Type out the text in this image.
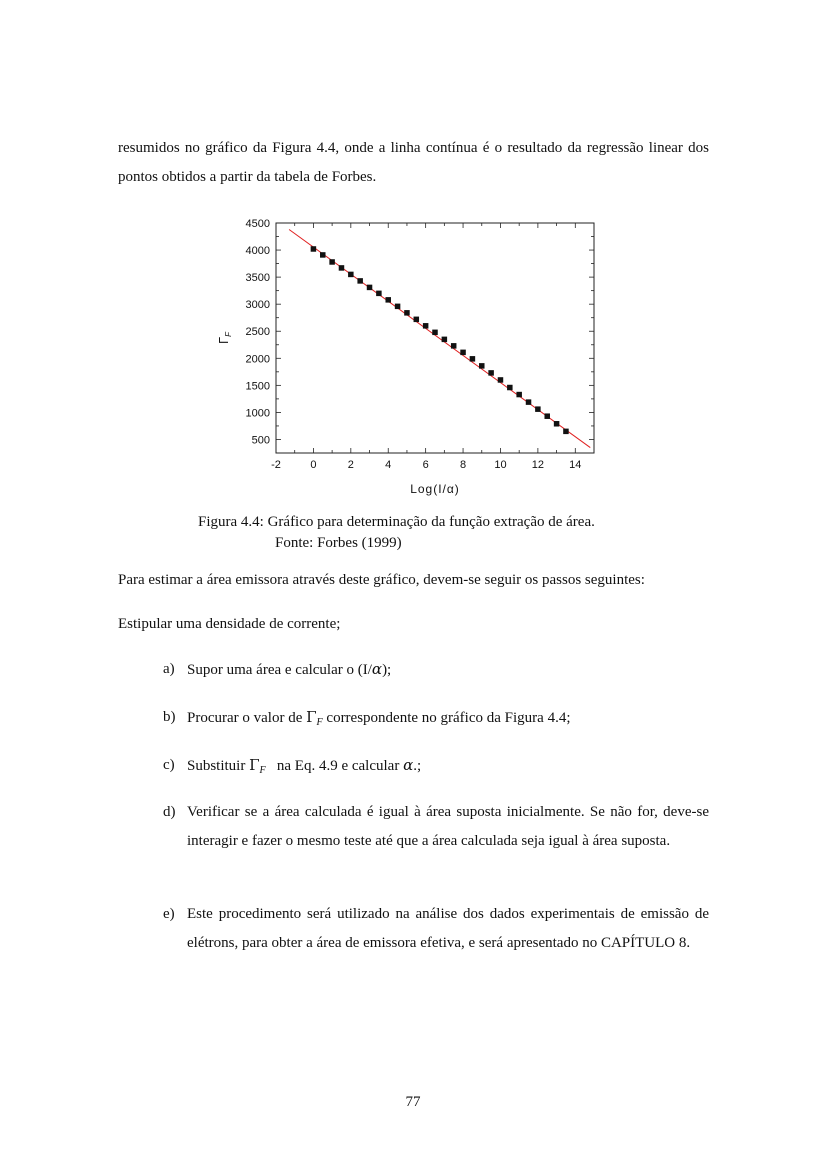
resumidos no gráfico da Figura 4.4, onde a linha contínua é o resultado da regressão linear dos pontos obtidos a partir da tabela de Forbes.

-2	0	2	4	6	8	10 12 14
500
1000
1500
2000
2500
3000
3500
4000
4500
Log(I/α)
$\Gamma_F$
Figura 4.4: Gráfico para determinação da função extração de área.
Fonte: Forbes (1999)

Para estimar a área emissora através deste gráfico, devem-se seguir os passos seguintes:

Estipular uma densidade de corrente;

a) Supor uma área e calcular o (I/α);
b) Procurar o valor de $\Gamma_F$ correspondente no gráfico da Figura 4.4;
c) Substituir $\Gamma_F$   na Eq. 4.9 e calcular α.;
d) Verificar se a área calculada é igual à área suposta inicialmente. Se não for, deve-se interagir e fazer o mesmo teste até que a área calculada seja igual à área suposta.
e) Este procedimento será utilizado na análise dos dados experimentais de emissão de elétrons, para obter a área de emissora efetiva, e será apresentado no CAPÍTULO 8.
77
